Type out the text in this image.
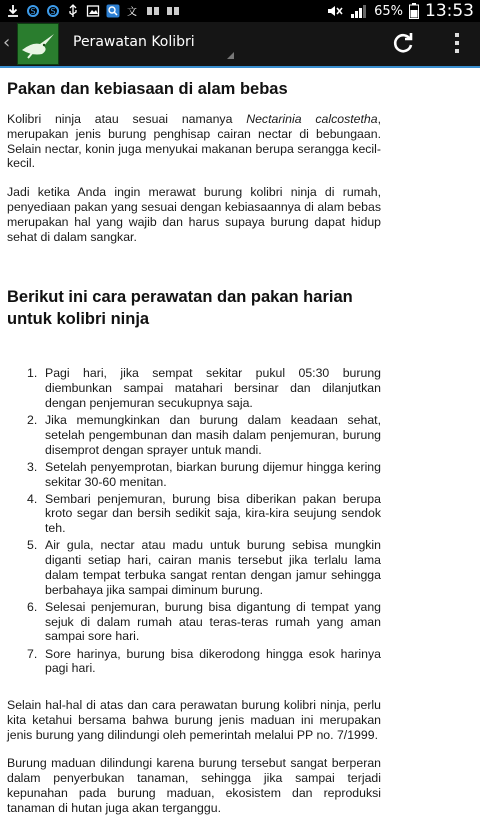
S S	文	65% 13:53
‹	Perawatan Kolibri
Pakan dan kebiasaan di alam bebas

Kolibri ninja atau sesuai namanya Nectarinia calcostetha, merupakan jenis burung penghisap cairan nectar di bebungaan. Selain nectar, konin juga menyukai makanan berupa serangga kecil-kecil.

Jadi ketika Anda ingin merawat burung kolibri ninja di rumah, penyediaan pakan yang sesuai dengan kebiasaannya di alam bebas merupakan hal yang wajib dan harus supaya burung dapat hidup sehat di dalam sangkar.

Berikut ini cara perawatan dan pakan harian untuk kolibri ninja
1. Pagi hari, jika sempat sekitar pukul 05:30 burung diembunkan sampai matahari bersinar dan dilanjutkan dengan penjemuran secukupnya saja.
2. Jika memungkinkan dan burung dalam keadaan sehat, setelah pengembunan dan masih dalam penjemuran, burung disemprot dengan sprayer untuk mandi.
3. Setelah penyemprotan, biarkan burung dijemur hingga kering sekitar 30-60 menitan.
4. Sembari penjemuran, burung bisa diberikan pakan berupa kroto segar dan bersih sedikit saja, kira-kira seujung sendok teh.
5. Air gula, nectar atau madu untuk burung sebisa mungkin diganti setiap hari, cairan manis tersebut jika terlalu lama dalam tempat terbuka sangat rentan dengan jamur sehingga berbahaya jika sampai diminum burung.
6. Selesai penjemuran, burung bisa digantung di tempat yang sejuk di dalam rumah atau teras-teras rumah yang aman sampai sore hari.
7. Sore harinya, burung bisa dikerodong hingga esok harinya pagi hari.

Selain hal-hal di atas dan cara perawatan burung kolibri ninja, perlu kita ketahui bersama bahwa burung jenis maduan ini merupakan jenis burung yang dilindungi oleh pemerintah melalui PP no. 7/1999.

Burung maduan dilindungi karena burung tersebut sangat berperan dalam penyerbukan tanaman, sehingga jika sampai terjadi kepunahan pada burung maduan, ekosistem dan reproduksi tanaman di hutan juga akan terganggu.
